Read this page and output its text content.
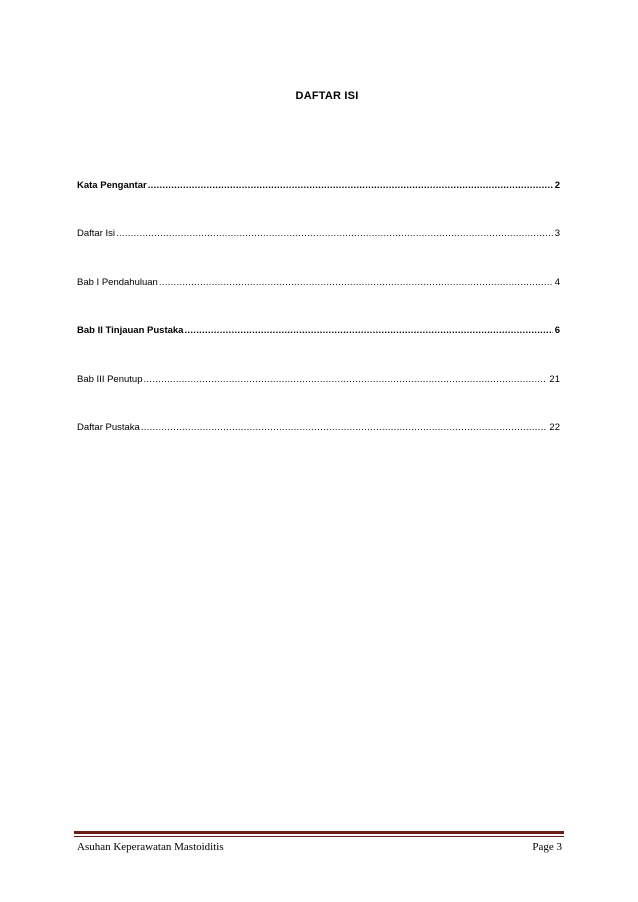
DAFTAR ISI
Kata Pengantar .....	2
Daftar Isi .....	3
Bab I Pendahuluan .....	4
Bab II Tinjauan Pustaka .....	6
Bab III Penutup .....	21
Daftar Pustaka .....	22
Asuhan Keperawatan Mastoiditis	Page 3
